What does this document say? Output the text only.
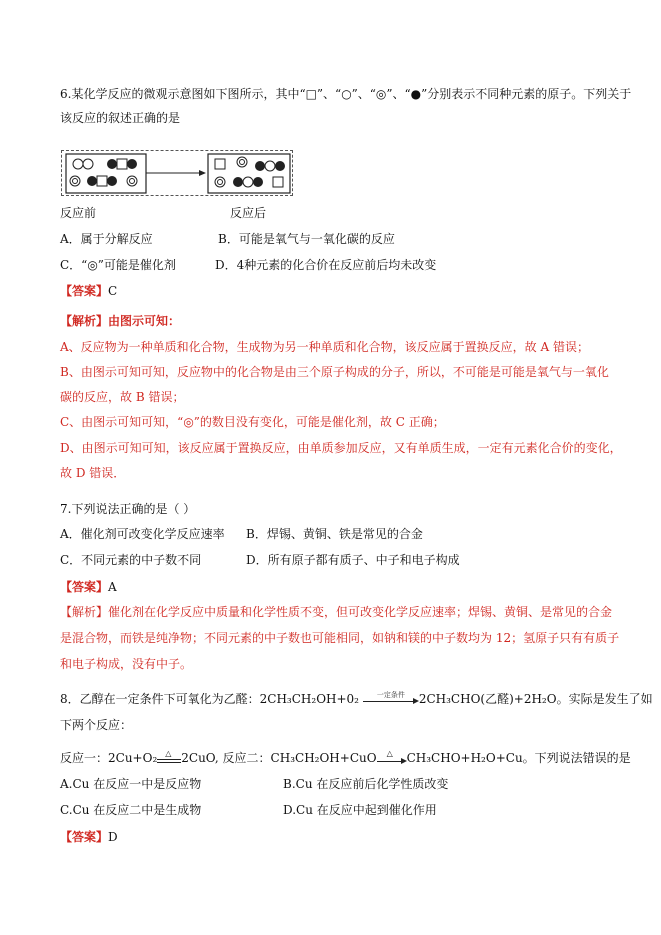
6.某化学反应的微观示意图如下图所示，其中“□”、“○”、“◎”、“●”分别表示不同种元素的原子。下列关于
该反应的叙述正确的是
反应前	反应后
A．属于分解反应	B．可能是氧气与一氧化碳的反应
C．“◎”可能是催化剂	D．4种元素的化合价在反应前后均未改变
【答案】C
【解析】由图示可知：
A、反应物为一种单质和化合物，生成物为另一种单质和化合物，该反应属于置换反应，故 A 错误；
B、由图示可知可知，反应物中的化合物是由三个原子构成的分子，所以，不可能是可能是氧气与一氧化
碳的反应，故 B 错误；
C、由图示可知可知，“◎”的数目没有变化，可能是催化剂，故 C 正确；
D、由图示可知可知，该反应属于置换反应，由单质参加反应，又有单质生成，一定有元素化合价的变化，
故 D 错误．
7.下列说法正确的是（ ）
A．催化剂可改变化学反应速率 B．焊锡、黄铜、铁是常见的合金
C．不同元素的中子数不同	D．所有原子都有质子、中子和电子构成
【答案】A
【解析】催化剂在化学反应中质量和化学性质不变，但可改变化学反应速率；焊锡、黄铜、是常见的合金
是混合物，而铁是纯净物；不同元素的中子数也可能相同，如钠和镁的中子数均为 12；氢原子只有有质子
和电子构成，没有中子。
8．乙醇在一定条件下可氧化为乙醛：2CH₃CH₂OH+0₂	一定条件	2CH₃CHO(乙醛)+2H₂O。实际是发生了如
下两个反应：
反应一：2Cu+O₂ △ 2CuO, 反应二：CH₃CH₂OH+CuO △ CH₃CHO+H₂O+Cu。下列说法错误的是
A.Cu 在反应一中是反应物	B.Cu 在反应前后化学性质改变
C.Cu 在反应二中是生成物	D.Cu 在反应中起到催化作用
【答案】D
